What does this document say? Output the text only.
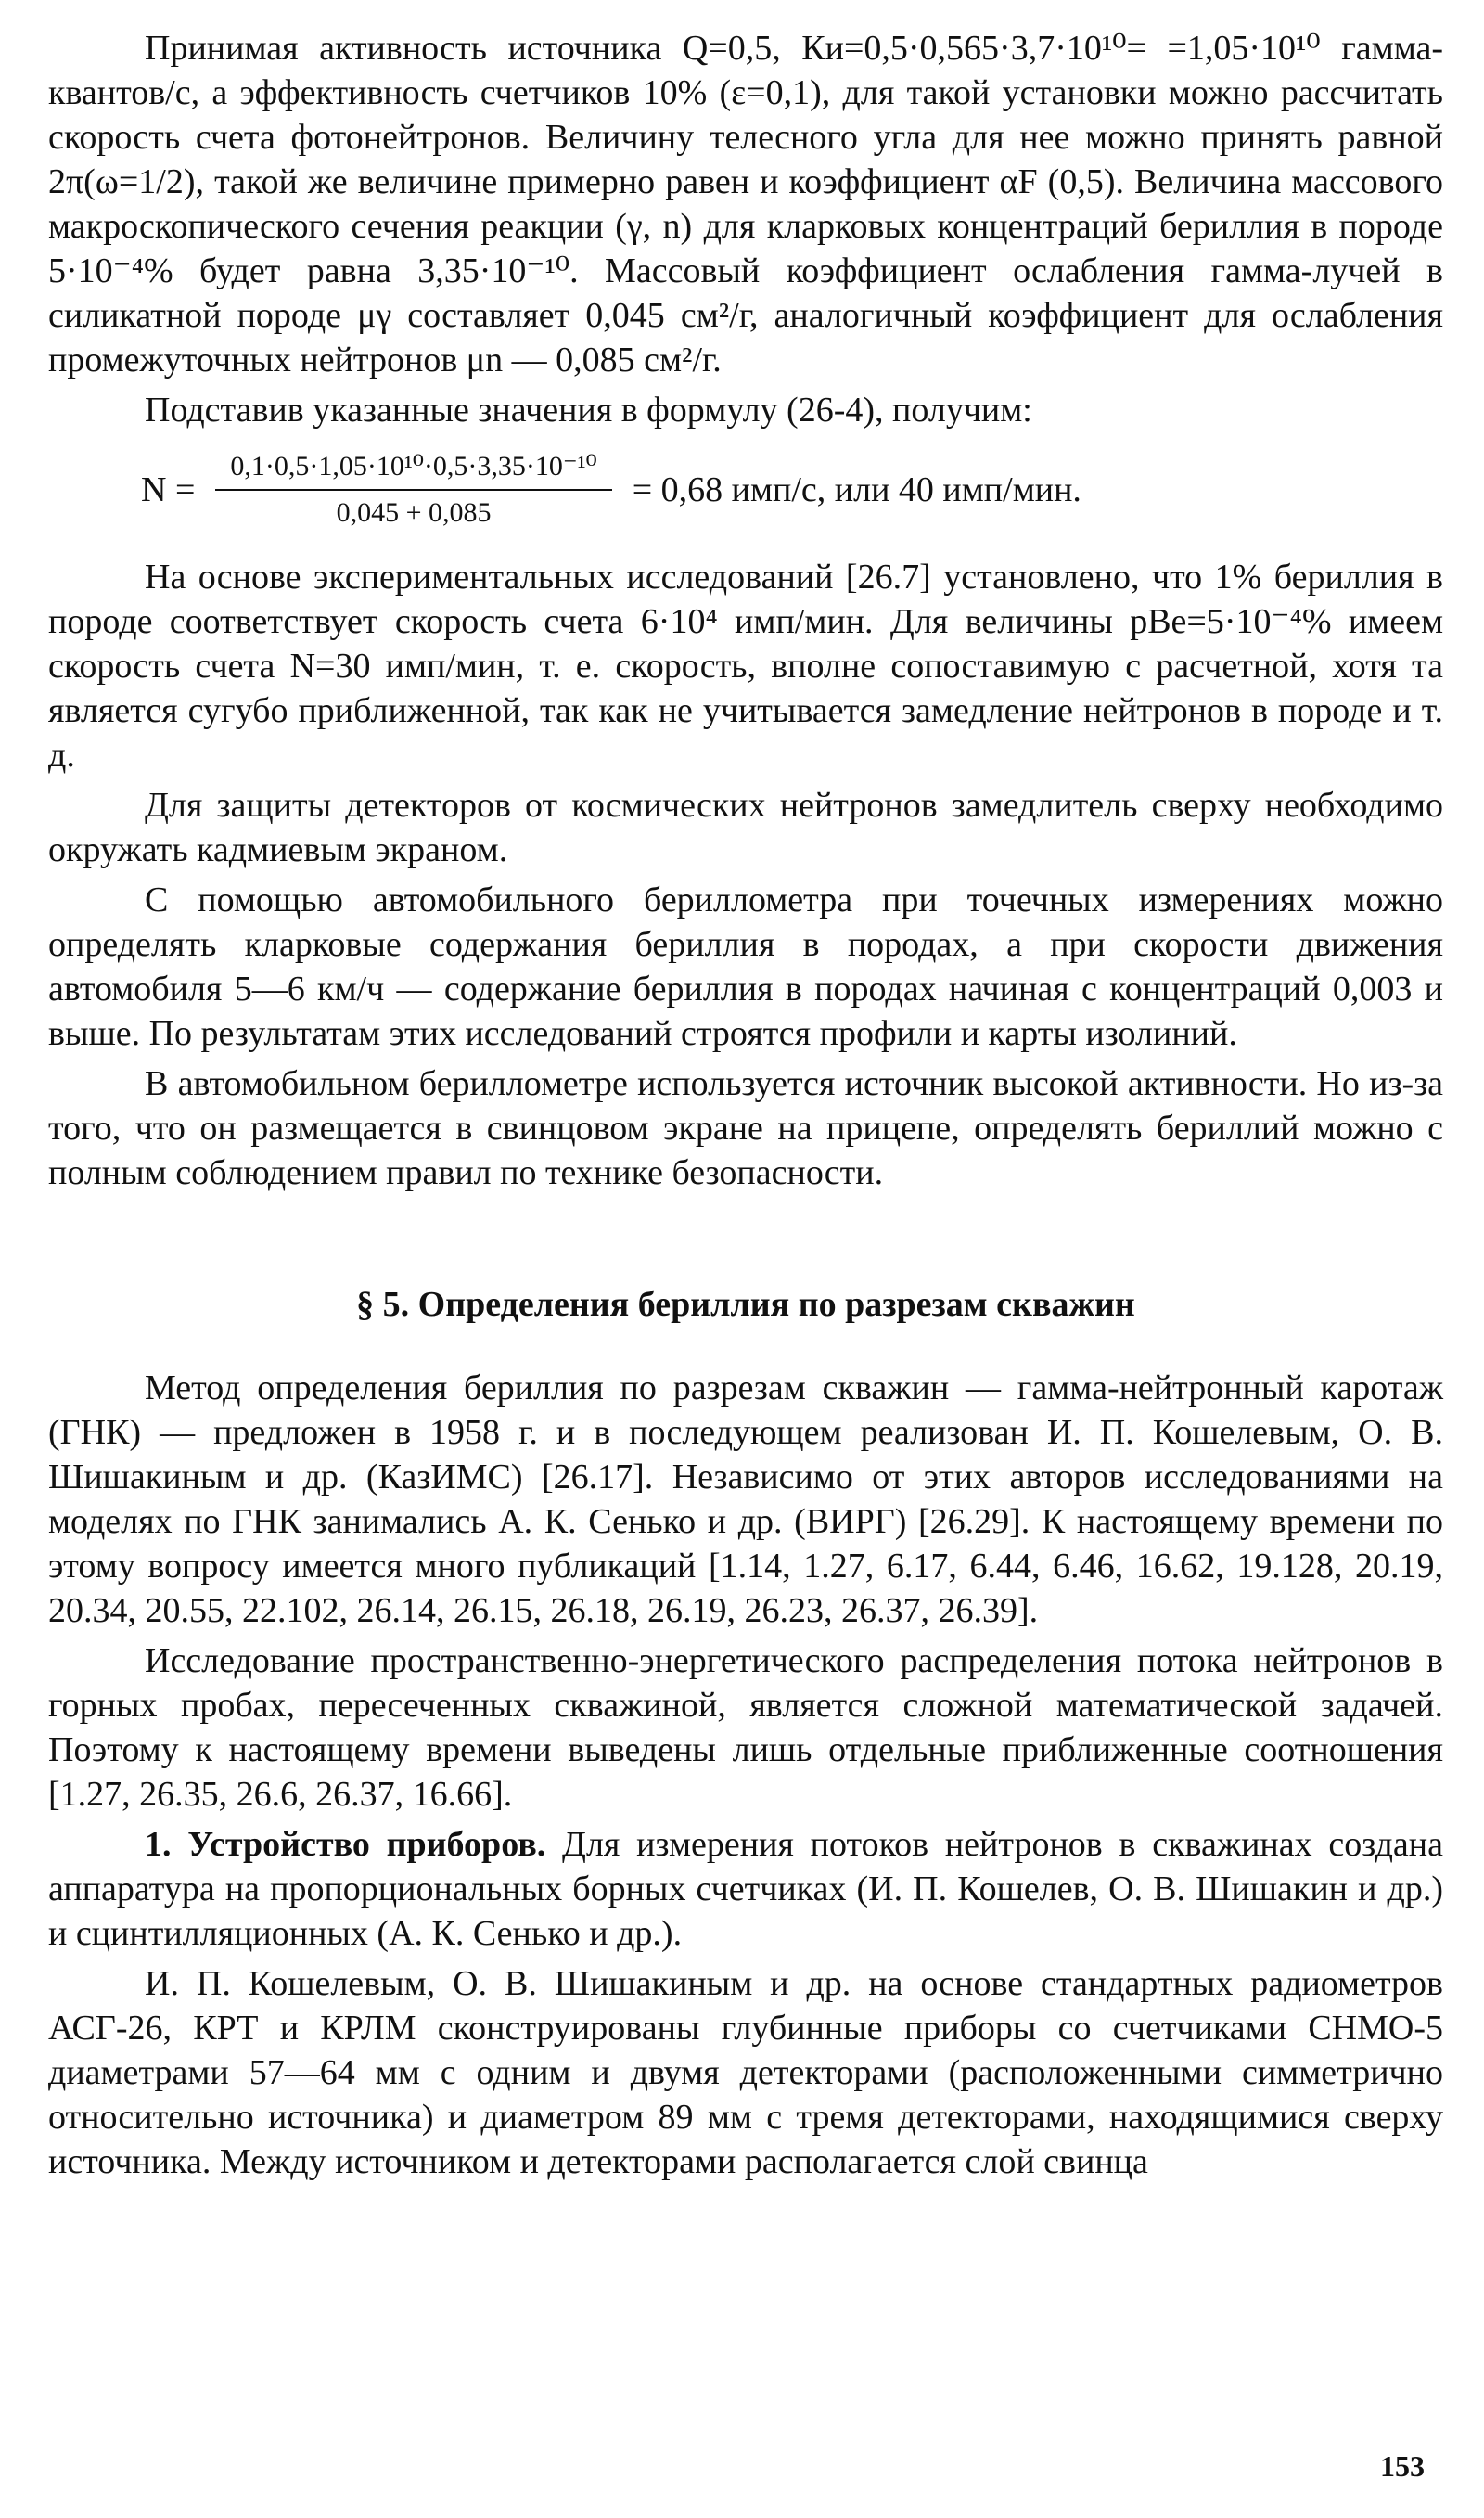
Принимая активность источника Q=0,5, Ки=0,5·0,565·3,7·10¹⁰= =1,05·10¹⁰ гамма-квантов/с, а эффективность счетчиков 10% (ε=0,1), для такой установки можно рассчитать скорость счета фотонейтронов. Величину телесного угла для нее можно принять равной 2π(ω=1/2), такой же величине примерно равен и коэффициент αF (0,5). Величина массового макроскопического сечения реакции (γ, n) для кларковых концентраций бериллия в породе 5·10⁻⁴% будет равна 3,35·10⁻¹⁰. Массовый коэффициент ослабления гамма-лучей в силикатной породе μγ составляет 0,045 см²/г, аналогичный коэффициент для ослабления промежуточных нейтронов μn — 0,085 см²/г.

Подставив указанные значения в формулу (26-4), получим:

$N = \frac{\text{0,1·0,5·1,05·10¹⁰·0,5·3,35·10⁻¹⁰}}{0,045 + 0,085} = 0,68$ имп/с, или 40 имп/мин.

На основе экспериментальных исследований [26.7] установлено, что 1% бериллия в породе соответствует скорость счета 6·10⁴ имп/мин. Для величины pBe=5·10⁻⁴% имеем скорость счета N=30 имп/мин, т. е. скорость, вполне сопоставимую с расчетной, хотя та является сугубо приближенной, так как не учитывается замедление нейтронов в породе и т. д.

Для защиты детекторов от космических нейтронов замедлитель сверху необходимо окружать кадмиевым экраном.

С помощью автомобильного бериллометра при точечных измерениях можно определять кларковые содержания бериллия в породах, а при скорости движения автомобиля 5—6 км/ч — содержание бериллия в породах начиная с концентраций 0,003 и выше. По результатам этих исследований строятся профили и карты изолиний.

В автомобильном бериллометре используется источник высокой активности. Но из-за того, что он размещается в свинцовом экране на прицепе, определять бериллий можно с полным соблюдением правил по технике безопасности.

§ 5. Определения бериллия по разрезам скважин

Метод определения бериллия по разрезам скважин — гамма-нейтронный каротаж (ГНК) — предложен в 1958 г. и в последующем реализован И. П. Кошелевым, О. В. Шишакиным и др. (КазИМС) [26.17]. Независимо от этих авторов исследованиями на моделях по ГНК занимались А. К. Сенько и др. (ВИРГ) [26.29]. К настоящему времени по этому вопросу имеется много публикаций [1.14, 1.27, 6.17, 6.44, 6.46, 16.62, 19.128, 20.19, 20.34, 20.55, 22.102, 26.14, 26.15, 26.18, 26.19, 26.23, 26.37, 26.39].

Исследование пространственно-энергетического распределения потока нейтронов в горных пробах, пересеченных скважиной, является сложной математической задачей. Поэтому к настоящему времени выведены лишь отдельные приближенные соотношения [1.27, 26.35, 26.6, 26.37, 16.66].

1. Устройство приборов. Для измерения потоков нейтронов в скважинах создана аппаратура на пропорциональных борных счетчиках (И. П. Кошелев, О. В. Шишакин и др.) и сцинтилляционных (А. К. Сенько и др.).

И. П. Кошелевым, О. В. Шишакиным и др. на основе стандартных радиометров АСГ-26, КРТ и КРЛМ сконструированы глубинные приборы со счетчиками СНМО-5 диаметрами 57—64 мм с одним и двумя детекторами (расположенными симметрично относительно источника) и диаметром 89 мм с тремя детекторами, находящимися сверху источника. Между источником и детекторами располагается слой свинца

153
